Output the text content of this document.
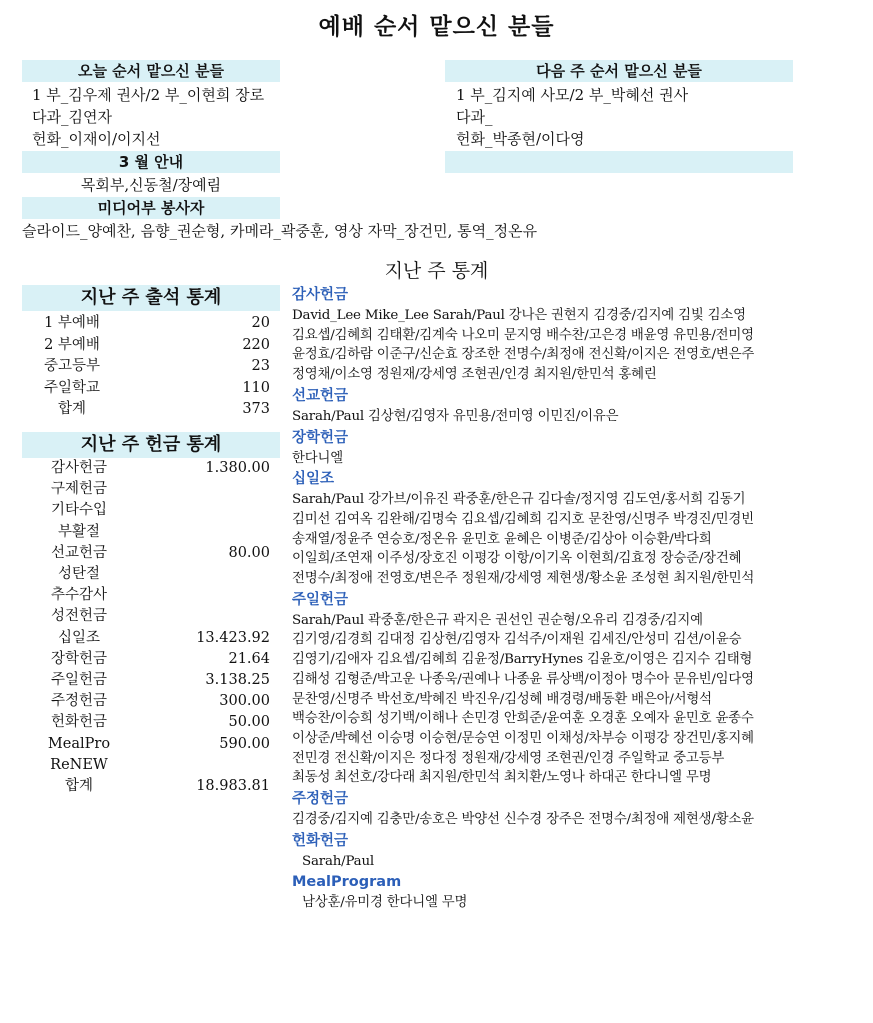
예배 순서 맡으신 분들
오늘 순서 맡으신 분들
1 부_김우제 권사/2 부_이현희 장로
다과_김연자
헌화_이재이/이지선
다음 주 순서 맡으신 분들
1 부_김지예 사모/2 부_박혜선 권사
다과_
헌화_박종현/이다영
3 월 안내
목회부,신동철/장예림
미디어부 봉사자
슬라이드_양예찬, 음향_권순형, 카메라_곽중훈, 영상 자막_장건민, 통역_정온유
지난 주 통계
지난 주 출석 통계
1 부예배	20
2 부예배	220
중고등부	23
주일학교	110
합계	373
지난 주 헌금 통계
감사헌금	1.380.00
구제헌금
기타수입
부활절
선교헌금	80.00
성탄절
추수감사
성전헌금
십일조	13.423.92
장학헌금	21.64
주일헌금	3.138.25
주정헌금	300.00
헌화헌금	50.00
MealPro	590.00
ReNEW
합계	18.983.81
감사헌금
David_Lee Mike_Lee Sarah/Paul 강나은 권현지 김경중/김지예 김빛 김소영
김요셉/김혜희 김태환/김계숙 나오미 문지영 배수찬/고은경 배윤영 유민용/전미영
윤정효/김하람 이준구/신순효 장조한 전명수/최정애 전신확/이지은 전영호/변은주
정영채/이소영 정원재/강세영 조현권/인경 최지원/한민석 홍혜린
선교헌금
Sarah/Paul 김상현/김영자 유민용/전미영 이민진/이유은
장학헌금
한다니엘
십일조
Sarah/Paul 강가브/이유진 곽중훈/한은규 김다솔/정지영 김도연/홍서희 김동기
김미선 김여옥 김완해/김명숙 김요셉/김혜희 김지호 문찬영/신명주 박경진/민경빈
송재열/정윤주 연승호/정온유 윤민호 윤혜은 이병준/김상아 이승환/박다희
이일희/조연재 이주성/장호진 이평강 이항/이기옥 이현희/김효정 장승준/장건혜
전명수/최정애 전영호/변은주 정원재/강세영 제현생/황소윤 조성현 최지원/한민석
주일헌금
Sarah/Paul 곽중훈/한은규 곽지은 권선인 권순형/오유리 김경중/김지예
김기영/김경희 김대정 김상현/김영자 김석주/이재원 김세진/안성미 김션/이윤승
김영기/김애자 김요셉/김혜희 김윤정/BarryHynes 김윤호/이영은 김지수 김태형
김해성 김형준/박고운 나종욱/권예나 나종윤 류상백/이정아 명수아 문유빈/임다영
문찬영/신명주 박선호/박혜진 박진우/김성혜 배경령/배동환 배은아/서형석
백승찬/이승희 성기백/이해나 손민경 안희준/윤여훈 오경훈 오예자 윤민호 윤종수
이상준/박혜선 이승명 이승현/문승연 이정민 이채성/차부승 이평강 장건민/홍지혜
전민경 전신확/이지은 정다정 정원재/강세영 조현권/인경 주일학교 중고등부
최동성 최선호/강다래 최지원/한민석 최치환/노영나 하대곤 한다니엘 무명
주정헌금
김경중/김지예 김충만/송호은 박양선 신수경 장주은 전명수/최정애 제현생/황소윤
헌화헌금
Sarah/Paul
MealProgram
남상훈/유미경 한다니엘 무명
